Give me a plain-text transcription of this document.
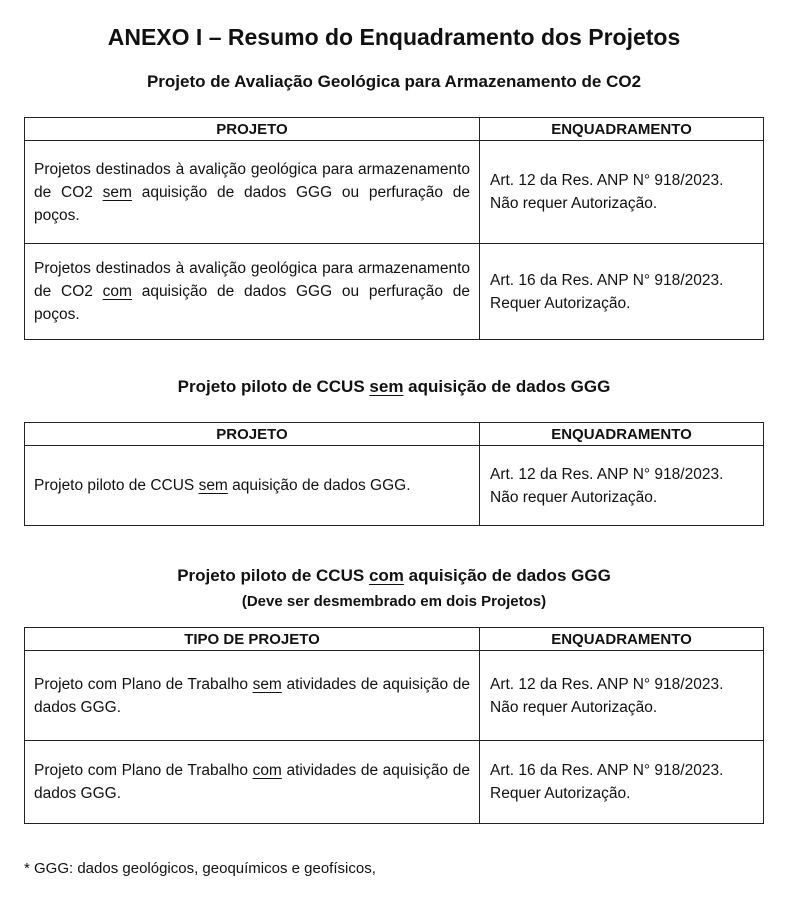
ANEXO I – Resumo do Enquadramento dos Projetos
Projeto de Avaliação Geológica para Armazenamento de CO2
PROJETO	ENQUADRAMENTO
Projetos destinados à avalição geológica para armazenamento de CO2 sem aquisição de dados GGG ou perfuração de poços.	Art. 12 da Res. ANP N° 918/2023.
Não requer Autorização.

Projetos destinados à avalição geológica para armazenamento de CO2 com aquisição de dados GGG ou perfuração de poços.	Art. 16 da Res. ANP N° 918/2023.
Requer Autorização.
Projeto piloto de CCUS sem aquisição de dados GGG
PROJETO	ENQUADRAMENTO
Projeto piloto de CCUS sem aquisição de dados GGG.	Art. 12 da Res. ANP N° 918/2023.
Não requer Autorização.
Projeto piloto de CCUS com aquisição de dados GGG
(Deve ser desmembrado em dois Projetos)
TIPO DE PROJETO	ENQUADRAMENTO
Projeto com Plano de Trabalho sem atividades de aquisição de dados GGG.	Art. 12 da Res. ANP N° 918/2023.
Não requer Autorização.

Projeto com Plano de Trabalho com atividades de aquisição de dados GGG.	Art. 16 da Res. ANP N° 918/2023.
Requer Autorização.
* GGG: dados geológicos, geoquímicos e geofísicos,
